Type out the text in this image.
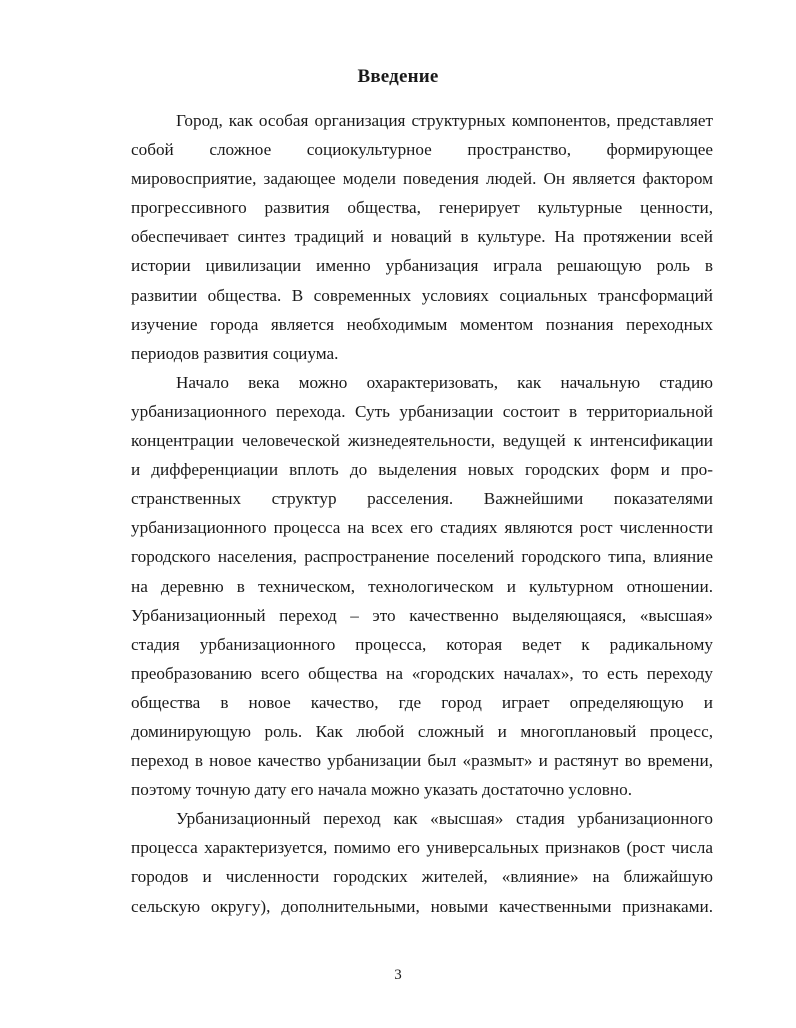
Введение

Город, как особая организация структурных компонентов, представляет
собой сложное социокультурное пространство, формирующее
мировосприятие, задающее модели поведения людей. Он является фактором
прогрессивного развития общества, генерирует культурные ценности,
обеспечивает синтез традиций и новаций в культуре. На протяжении всей
истории цивилизации именно урбанизация играла решающую роль в
развитии общества. В современных условиях социальных трансформаций
изучение города является необходимым моментом познания переходных
периодов развития социума.

Начало века можно охарактеризовать, как начальную стадию
урбанизационного перехода. Суть урбанизации состоит в территориальной
концентрации человеческой жизнедеятельности, ведущей к интенсификации
и дифференциации вплоть до выделения новых городских форм и про-
странственных структур расселения. Важнейшими показателями
урбанизационного процесса на всех его стадиях являются рост численности
городского населения, распространение поселений городского типа, влияние
на деревню в техническом, технологическом и культурном отношении.
Урбанизационный переход – это качественно выделяющаяся, «высшая»
стадия урбанизационного процесса, которая ведет к радикальному
преобразованию всего общества на «городских началах», то есть переходу
общества в новое качество, где город играет определяющую и
доминирующую роль. Как любой сложный и многоплановый процесс,
переход в новое качество урбанизации был «размыт» и растянут во времени,
поэтому точную дату его начала можно указать достаточно условно.

Урбанизационный переход как «высшая» стадия урбанизационного
процесса характеризуется, помимо его универсальных признаков (рост числа
городов и численности городских жителей, «влияние» на ближайшую
сельскую округу), дополнительными, новыми качественными признаками.

3
